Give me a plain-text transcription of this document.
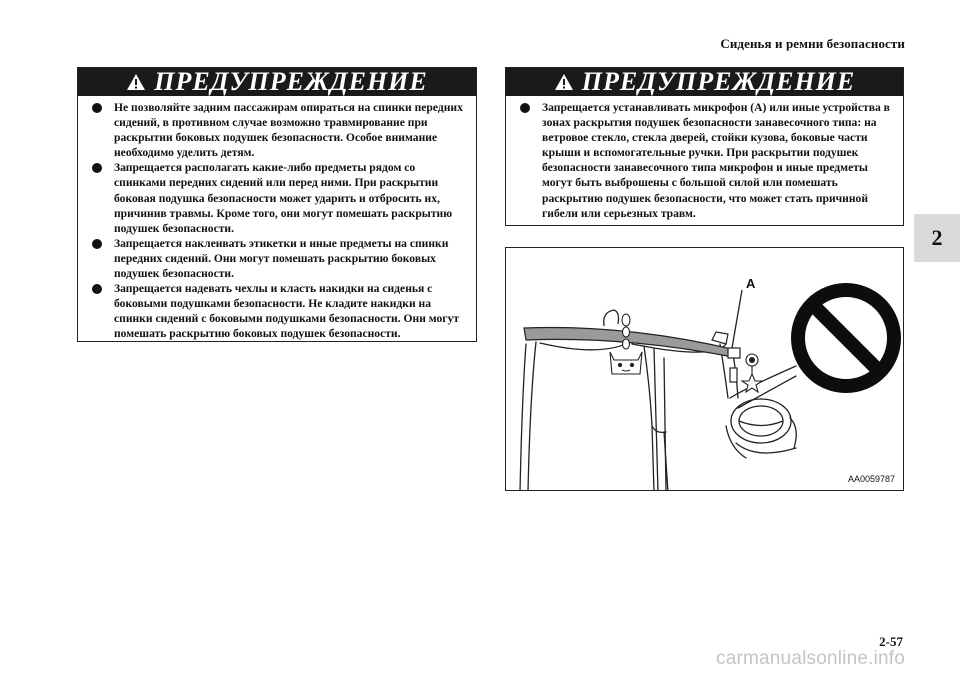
Сиденья и ремни безопасности
2
ПРЕДУПРЕЖДЕНИЕ
Не позволяйте задним пассажирам опираться на спинки передних сидений, в противном случае возможно травмирование при раскрытии боковых подушек безопасности. Особое внимание необходимо уделить детям.
Запрещается располагать какие-либо предметы рядом со спинками передних сидений или перед ними. При раскрытии боковая подушка безопасности может ударить и отбросить их, причинив травмы. Кроме того, они могут помешать раскрытию подушек безопасности.
Запрещается наклеивать этикетки и иные предметы на спинки передних сидений. Они могут помешать раскрытию боковых подушек безопасности.
Запрещается надевать чехлы и класть накидки на сиденья с боковыми подушками безопасности. Не кладите накидки на спинки сидений с боковыми подушками безопасности. Они могут помешать раскрытию боковых подушек безопасности.
ПРЕДУПРЕЖДЕНИЕ
Запрещается устанавливать микрофон (A) или иные устройства в зонах раскрытия подушек безопасности занавесочного типа: на ветровое стекло, стекла дверей, стойки кузова, боковые части крыши и вспомогательные ручки. При раскрытии подушек безопасности занавесочного типа микрофон и иные предметы могут быть выброшены с большой силой или помешать раскрытию подушек безопасности, что может стать причиной гибели или серьезных травм.
A
AA0059787
2-57
carmanualsonline.info
